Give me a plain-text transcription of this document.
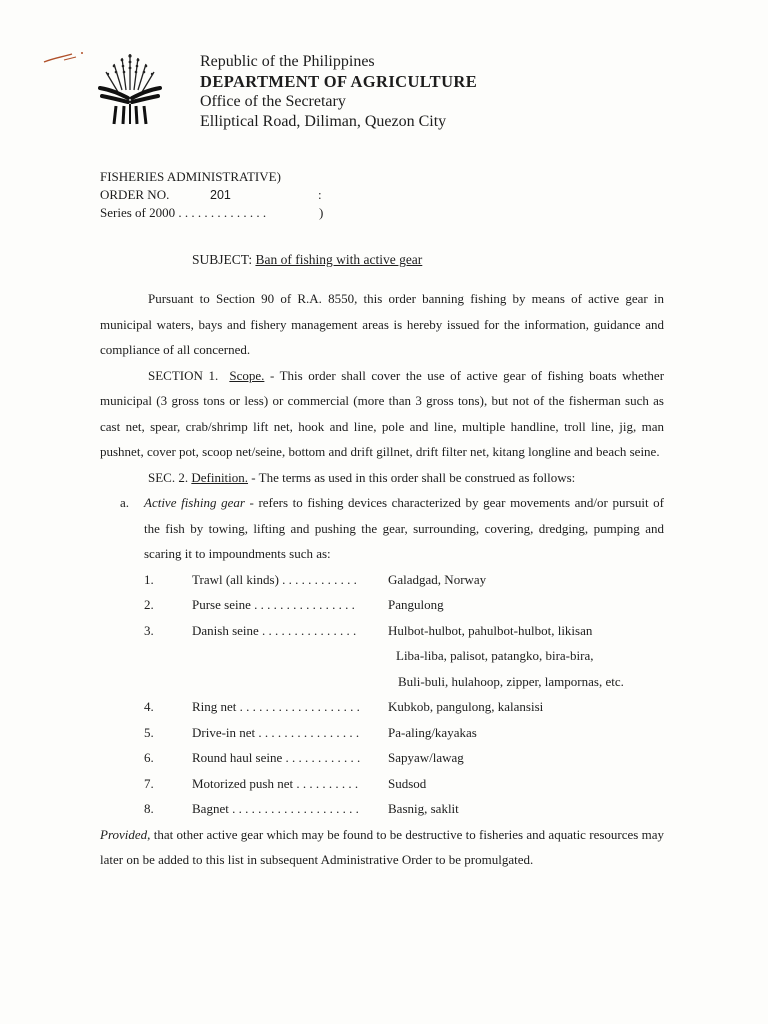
Republic of the Philippines
DEPARTMENT OF AGRICULTURE
Office of the Secretary
Elliptical Road, Diliman, Quezon City
FISHERIES ADMINISTRATIVE)
ORDER NO.	201	:
Series of 2000 . . . . . . . . . . . . . .	)
SUBJECT: Ban of fishing with active gear

Pursuant to Section 90 of R.A. 8550, this order banning fishing by means of active gear in municipal waters, bays and fishery management areas is hereby issued for the information, guidance and compliance of all concerned.

SECTION 1. Scope. - This order shall cover the use of active gear of fishing boats whether municipal (3 gross tons or less) or commercial (more than 3 gross tons), but not of the fisherman such as cast net, spear, crab/shrimp lift net, hook and line, pole and line, multiple handline, troll line, jig, man pushnet, cover pot, scoop net/seine, bottom and drift gillnet, drift filter net, kitang longline and beach seine.

SEC. 2. Definition. - The terms as used in this order shall be construed as follows:

a. Active fishing gear - refers to fishing devices characterized by gear movements and/or pursuit of the fish by towing, lifting and pushing the gear, surrounding, covering, dredging, pumping and scaring it to impoundments such as:

1.	Trawl (all kinds) . . . . . . . . . . . . Galadgad, Norway
2.	Purse seine . . . . . . . . . . . . . . . .	Pangulong
3.	Danish seine . . . . . . . . . . . . . . . Hulbot-hulbot, pahulbot-hulbot, likisan
Liba-liba, palisot, patangko, bira-bira,
Buli-buli, hulahoop, zipper, lampornas, etc.
4.	Ring net . . . . . . . . . . . . . . . . . . . Kubkob, pangulong, kalansisi
5.	Drive-in net . . . . . . . . . . . . . . . . Pa-aling/kayakas
6.	Round haul seine . . . . . . . . . . . . Sapyaw/lawag
7.	Motorized push net . . . . . . . . . . Sudsod
8.	Bagnet . . . . . . . . . . . . . . . . . . . . Basnig, saklit

Provided, that other active gear which may be found to be destructive to fisheries and aquatic resources may later on be added to this list in subsequent Administrative Order to be promulgated.
